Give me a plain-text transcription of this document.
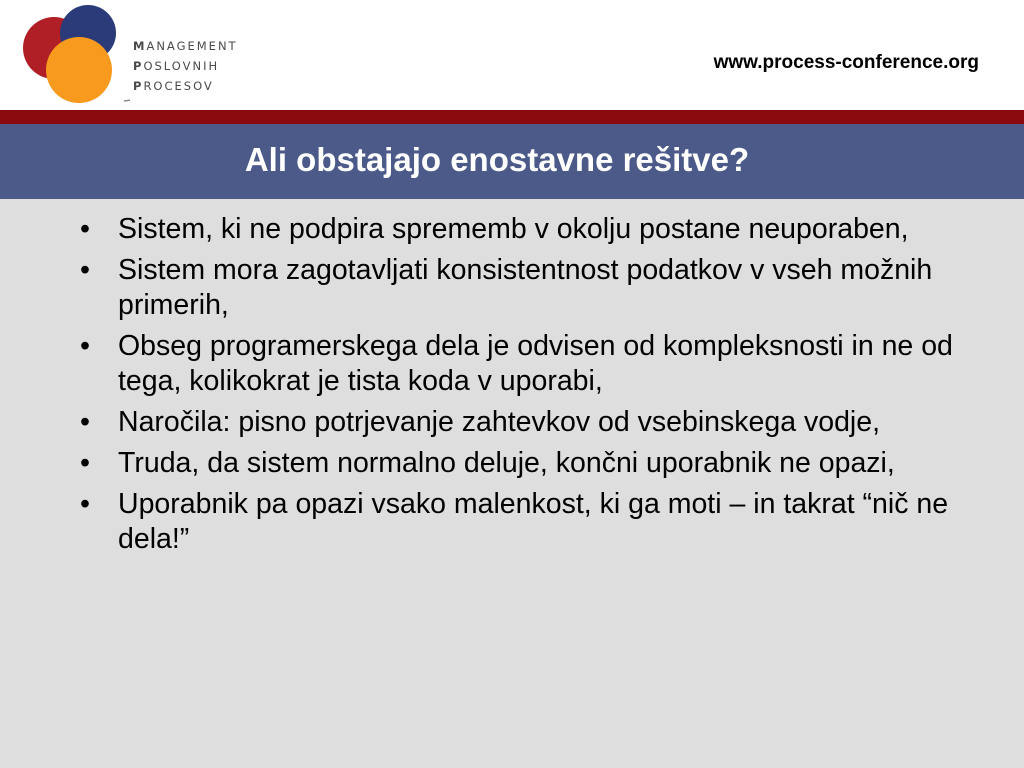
MANAGEMENT
POSLOVNIH
PROCESOV
www.process-conference.org
Ali obstajajo enostavne rešitve?
• Sistem, ki ne podpira sprememb v okolju postane neuporaben,
• Sistem mora zagotavljati konsistentnost podatkov v vseh možnih primerih,
• Obseg programerskega dela je odvisen od kompleksnosti in ne od tega, kolikokrat je tista koda v uporabi,
• Naročila: pisno potrjevanje zahtevkov od vsebinskega vodje,
• Truda, da sistem normalno deluje, končni uporabnik ne opazi,
• Uporabnik pa opazi vsako malenkost, ki ga moti – in takrat “nič ne dela!”
